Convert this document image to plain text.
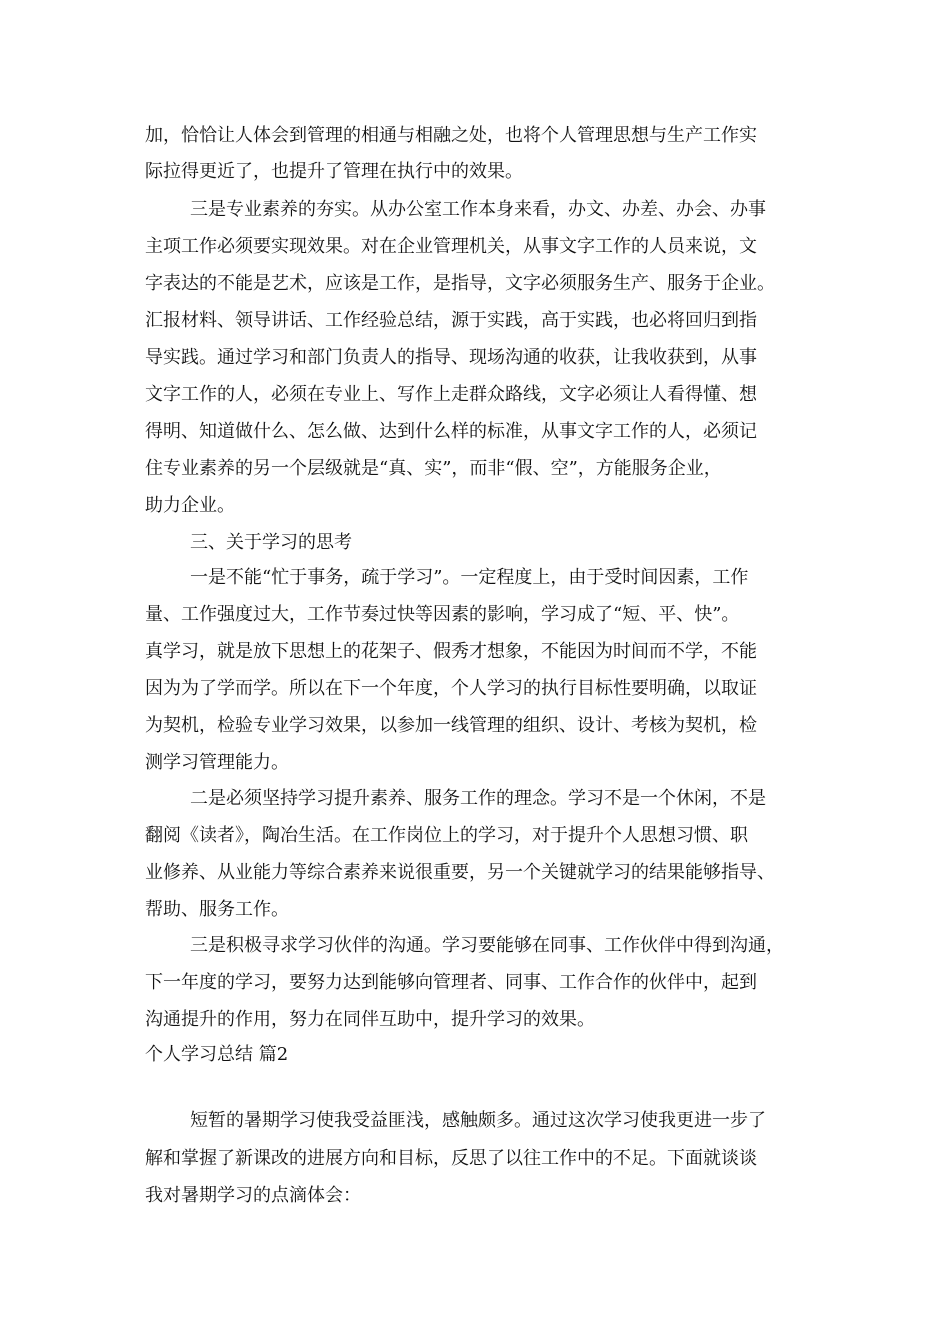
加，恰恰让人体会到管理的相通与相融之处，也将个人管理思想与生产工作实

际拉得更近了，也提升了管理在执行中的效果。

三是专业素养的夯实。从办公室工作本身来看，办文、办差、办会、办事

主项工作必须要实现效果。对在企业管理机关，从事文字工作的人员来说，文

字表达的不能是艺术，应该是工作，是指导，文字必须服务生产、服务于企业。

汇报材料、领导讲话、工作经验总结，源于实践，高于实践，也必将回归到指

导实践。通过学习和部门负责人的指导、现场沟通的收获，让我收获到，从事

文字工作的人，必须在专业上、写作上走群众路线，文字必须让人看得懂、想

得明、知道做什么、怎么做、达到什么样的标准，从事文字工作的人，必须记

住专业素养的另一个层级就是“真、实”，而非“假、空”，方能服务企业，

助力企业。

三、关于学习的思考

一是不能“忙于事务，疏于学习”。一定程度上，由于受时间因素，工作

量、工作强度过大，工作节奏过快等因素的影响，学习成了“短、平、快”。

真学习，就是放下思想上的花架子、假秀才想象，不能因为时间而不学，不能

因为为了学而学。所以在下一个年度，个人学习的执行目标性要明确，以取证

为契机，检验专业学习效果，以参加一线管理的组织、设计、考核为契机，检

测学习管理能力。

二是必须坚持学习提升素养、服务工作的理念。学习不是一个休闲，不是

翻阅《读者》，陶冶生活。在工作岗位上的学习，对于提升个人思想习惯、职

业修养、从业能力等综合素养来说很重要，另一个关键就学习的结果能够指导、

帮助、服务工作。

三是积极寻求学习伙伴的沟通。学习要能够在同事、工作伙伴中得到沟通，

下一年度的学习，要努力达到能够向管理者、同事、工作合作的伙伴中，起到

沟通提升的作用，努力在同伴互助中，提升学习的效果。

个人学习总结 篇2

短暂的暑期学习使我受益匪浅，感触颇多。通过这次学习使我更进一步了

解和掌握了新课改的进展方向和目标，反思了以往工作中的不足。下面就谈谈

我对暑期学习的点滴体会：
